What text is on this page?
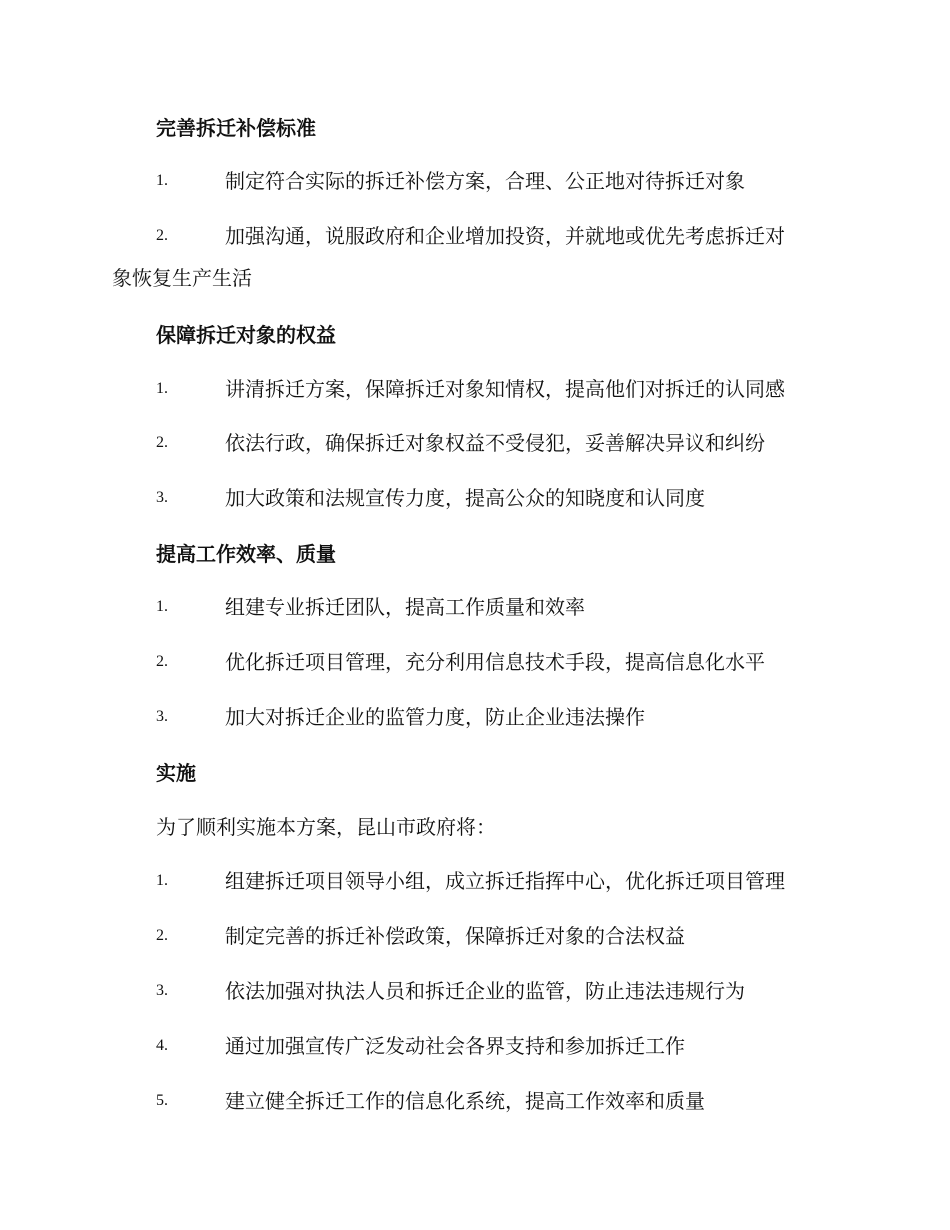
完善拆迁补偿标准
1.	制定符合实际的拆迁补偿方案，合理、公正地对待拆迁对象
2.	加强沟通，说服政府和企业增加投资，并就地或优先考虑拆迁对
象恢复生产生活
保障拆迁对象的权益
1.	讲清拆迁方案，保障拆迁对象知情权，提高他们对拆迁的认同感
2.	依法行政，确保拆迁对象权益不受侵犯，妥善解决异议和纠纷
3.	加大政策和法规宣传力度，提高公众的知晓度和认同度
提高工作效率、质量
1.	组建专业拆迁团队，提高工作质量和效率
2.	优化拆迁项目管理，充分利用信息技术手段，提高信息化水平
3.	加大对拆迁企业的监管力度，防止企业违法操作
实施
为了顺利实施本方案，昆山市政府将：
1.	组建拆迁项目领导小组，成立拆迁指挥中心，优化拆迁项目管理
2.	制定完善的拆迁补偿政策，保障拆迁对象的合法权益
3.	依法加强对执法人员和拆迁企业的监管，防止违法违规行为
4.	通过加强宣传广泛发动社会各界支持和参加拆迁工作
5.	建立健全拆迁工作的信息化系统，提高工作效率和质量
